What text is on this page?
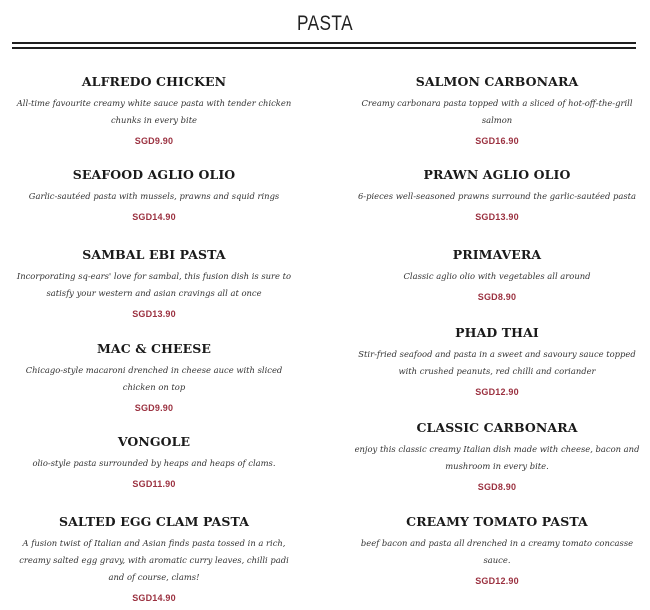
PASTA
ALFREDO CHICKEN
All-time favourite creamy white sauce pasta with tender chicken chunks in every bite
SGD9.90
SEAFOOD AGLIO OLIO
Garlic-sautéed pasta with mussels, prawns and squid rings
SGD14.90
SAMBAL EBI PASTA
Incorporating sq-ears' love for sambal, this fusion dish is sure to satisfy your western and asian cravings all at once
SGD13.90
MAC & CHEESE
Chicago-style macaroni drenched in cheese auce with sliced chicken on top
SGD9.90
VONGOLE
olio-style pasta surrounded by heaps and heaps of clams.
SGD11.90
SALTED EGG CLAM PASTA
A fusion twist of Italian and Asian finds pasta tossed in a rich, creamy salted egg gravy, with aromatic curry leaves, chilli padi and of course, clams!
SGD14.90
SALMON CARBONARA
Creamy carbonara pasta topped with a sliced of hot-off-the-grill salmon
SGD16.90
PRAWN AGLIO OLIO
6-pieces well-seasoned prawns surround the garlic-sautéed pasta
SGD13.90
PRIMAVERA
Classic aglio olio with vegetables all around
SGD8.90
PHAD THAI
Stir-fried seafood and pasta in a sweet and savoury sauce topped with crushed peanuts, red chilli and coriander
SGD12.90
CLASSIC CARBONARA
enjoy this classic creamy Italian dish made with cheese, bacon and mushroom in every bite.
SGD8.90
CREAMY TOMATO PASTA
beef bacon and pasta all drenched in a creamy tomato concasse sauce.
SGD12.90
